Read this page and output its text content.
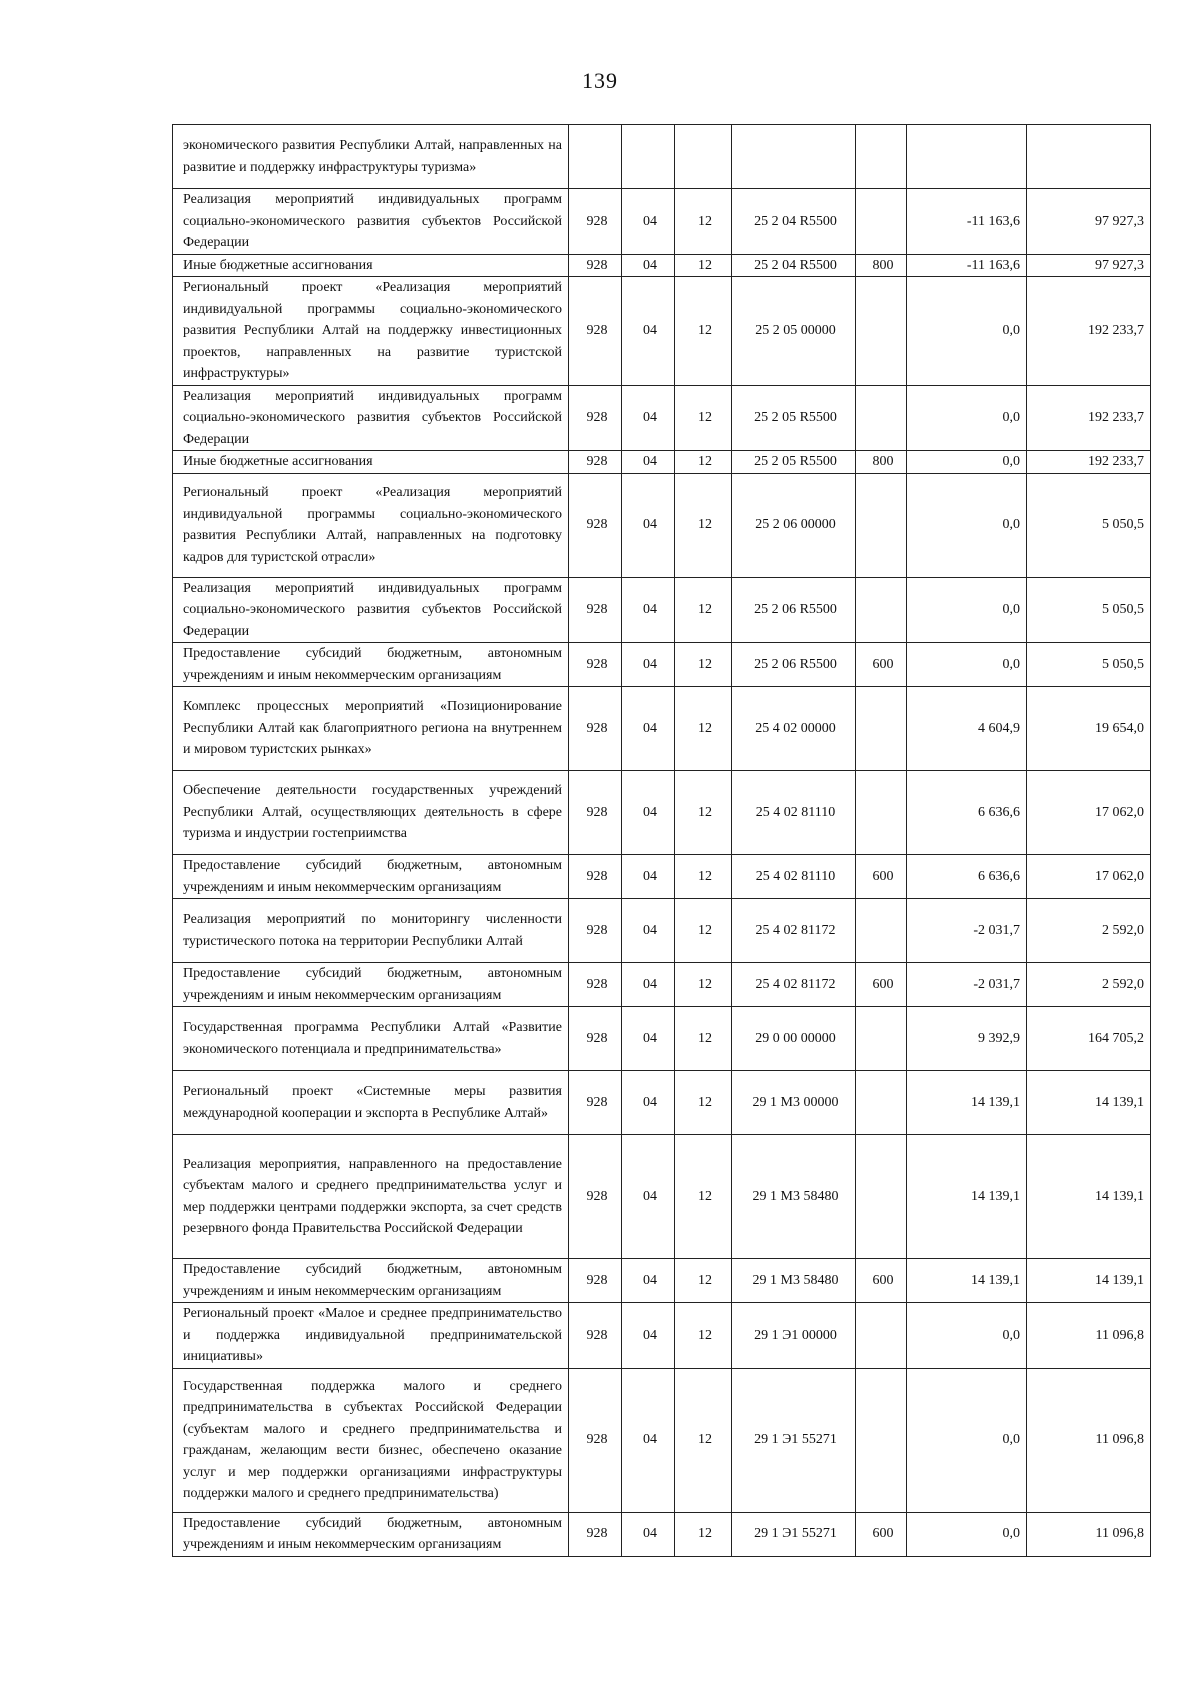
139
экономического развития Республики Алтай, направленных на развитие и поддержку инфраструктуры туризма»							
Реализация мероприятий индивидуальных программ социально-экономического развития субъектов Российской Федерации	928	04	12	25 2 04 R5500		-11 163,6	97 927,3
Иные бюджетные ассигнования	928	04	12	25 2 04 R5500	800	-11 163,6	97 927,3
Региональный проект «Реализация мероприятий индивидуальной программы социально-экономического развития Республики Алтай на поддержку инвестиционных проектов, направленных на развитие туристской инфраструктуры»	928	04	12	25 2 05 00000		0,0	192 233,7
Реализация мероприятий индивидуальных программ социально-экономического развития субъектов Российской Федерации	928	04	12	25 2 05 R5500		0,0	192 233,7
Иные бюджетные ассигнования	928	04	12	25 2 05 R5500	800	0,0	192 233,7
Региональный проект «Реализация мероприятий индивидуальной программы социально-экономического развития Республики Алтай, направленных на подготовку кадров для туристской отрасли»	928	04	12	25 2 06 00000		0,0	5 050,5
Реализация мероприятий индивидуальных программ социально-экономического развития субъектов Российской Федерации	928	04	12	25 2 06 R5500		0,0	5 050,5
Предоставление субсидий бюджетным, автономным учреждениям и иным некоммерческим организациям	928	04	12	25 2 06 R5500	600	0,0	5 050,5
Комплекс процессных мероприятий «Позиционирование Республики Алтай как благоприятного региона на внутреннем и мировом туристских рынках»	928	04	12	25 4 02 00000		4 604,9	19 654,0
Обеспечение деятельности государственных учреждений Республики Алтай, осуществляющих деятельность в сфере туризма и индустрии гостеприимства	928	04	12	25 4 02 81110		6 636,6	17 062,0
Предоставление субсидий бюджетным, автономным учреждениям и иным некоммерческим организациям	928	04	12	25 4 02 81110	600	6 636,6	17 062,0
Реализация мероприятий по мониторингу численности туристического потока на территории Республики Алтай	928	04	12	25 4 02 81172		-2 031,7	2 592,0
Предоставление субсидий бюджетным, автономным учреждениям и иным некоммерческим организациям	928	04	12	25 4 02 81172	600	-2 031,7	2 592,0
Государственная программа Республики Алтай «Развитие экономического потенциала и предпринимательства»	928	04	12	29 0 00 00000		9 392,9	164 705,2
Региональный проект «Системные меры развития международной кооперации и экспорта в Республике Алтай»	928	04	12	29 1 M3 00000		14 139,1	14 139,1
Реализация мероприятия, направленного на предоставление субъектам малого и среднего предпринимательства услуг и мер поддержки центрами поддержки экспорта, за счет средств резервного фонда Правительства Российской Федерации	928	04	12	29 1 M3 58480		14 139,1	14 139,1
Предоставление субсидий бюджетным, автономным учреждениям и иным некоммерческим организациям	928	04	12	29 1 M3 58480	600	14 139,1	14 139,1
Региональный проект «Малое и среднее предпринимательство и поддержка индивидуальной предпринимательской инициативы»	928	04	12	29 1 Э1 00000		0,0	11 096,8
Государственная поддержка малого и среднего предпринимательства в субъектах Российской Федерации (субъектам малого и среднего предпринимательства и гражданам, желающим вести бизнес, обеспечено оказание услуг и мер поддержки организациями инфраструктуры поддержки малого и среднего предпринимательства)	928	04	12	29 1 Э1 55271		0,0	11 096,8
Предоставление субсидий бюджетным, автономным учреждениям и иным некоммерческим организациям	928	04	12	29 1 Э1 55271	600	0,0	11 096,8
